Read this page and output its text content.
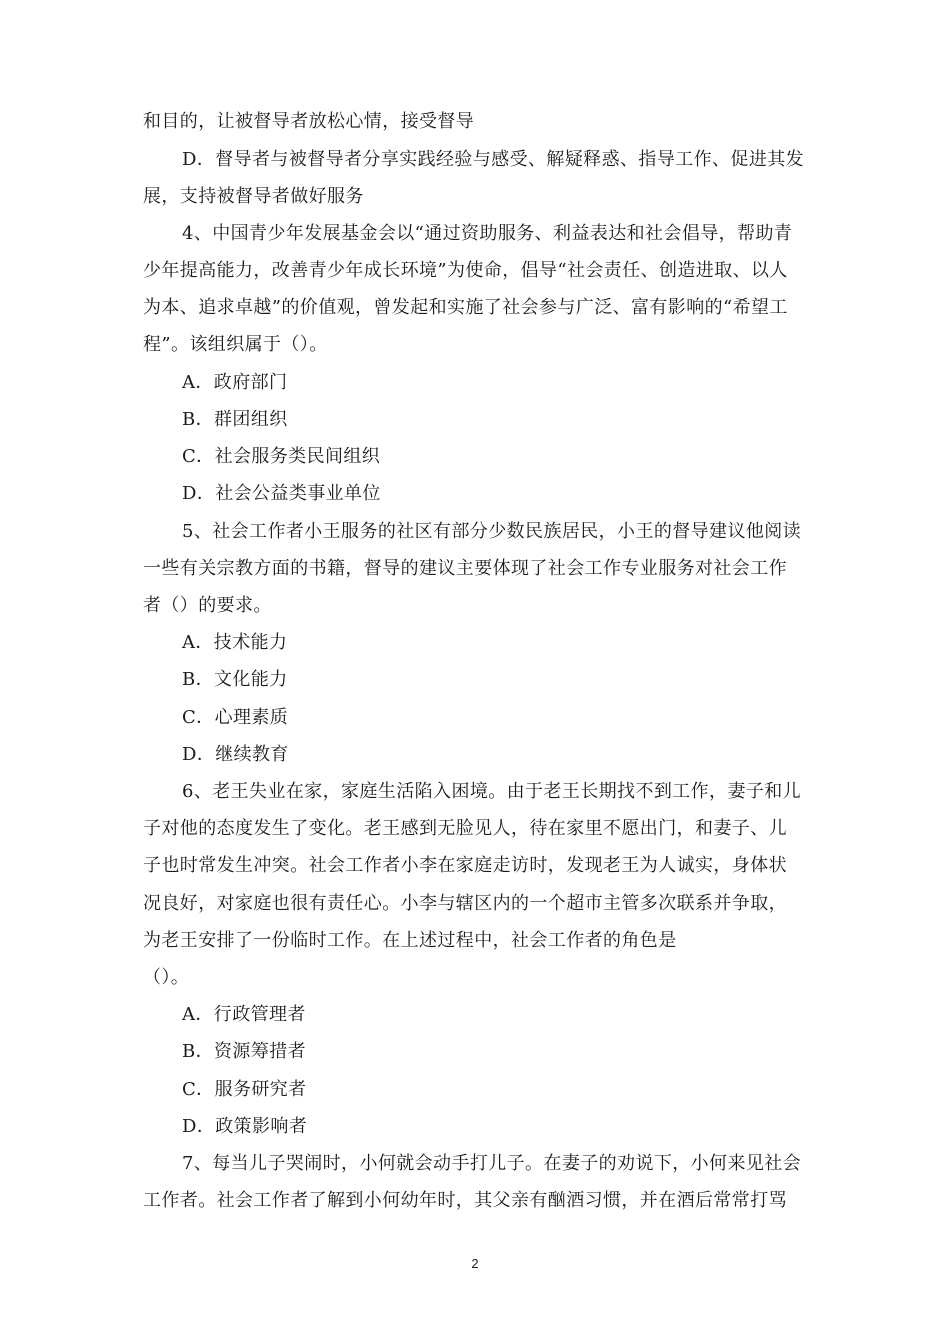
和目的，让被督导者放松心情，接受督导
D．督导者与被督导者分享实践经验与感受、解疑释惑、指导工作、促进其发
展，支持被督导者做好服务
4、中国青少年发展基金会以“通过资助服务、利益表达和社会倡导，帮助青
少年提高能力，改善青少年成长环境”为使命，倡导“社会责任、创造进取、以人
为本、追求卓越”的价值观，曾发起和实施了社会参与广泛、富有影响的“希望工
程”。该组织属于（）。
A．政府部门
B．群团组织
C．社会服务类民间组织
D．社会公益类事业单位
5、社会工作者小王服务的社区有部分少数民族居民，小王的督导建议他阅读
一些有关宗教方面的书籍，督导的建议主要体现了社会工作专业服务对社会工作
者（）的要求。
A．技术能力
B．文化能力
C．心理素质
D．继续教育
6、老王失业在家，家庭生活陷入困境。由于老王长期找不到工作，妻子和儿
子对他的态度发生了变化。老王感到无脸见人，待在家里不愿出门，和妻子、儿
子也时常发生冲突。社会工作者小李在家庭走访时，发现老王为人诚实，身体状
况良好，对家庭也很有责任心。小李与辖区内的一个超市主管多次联系并争取，
为老王安排了一份临时工作。在上述过程中，社会工作者的角色是
（）。
A．行政管理者
B．资源筹措者
C．服务研究者
D．政策影响者
7、每当儿子哭闹时，小何就会动手打儿子。在妻子的劝说下，小何来见社会
工作者。社会工作者了解到小何幼年时，其父亲有酗酒习惯，并在酒后常常打骂
2
